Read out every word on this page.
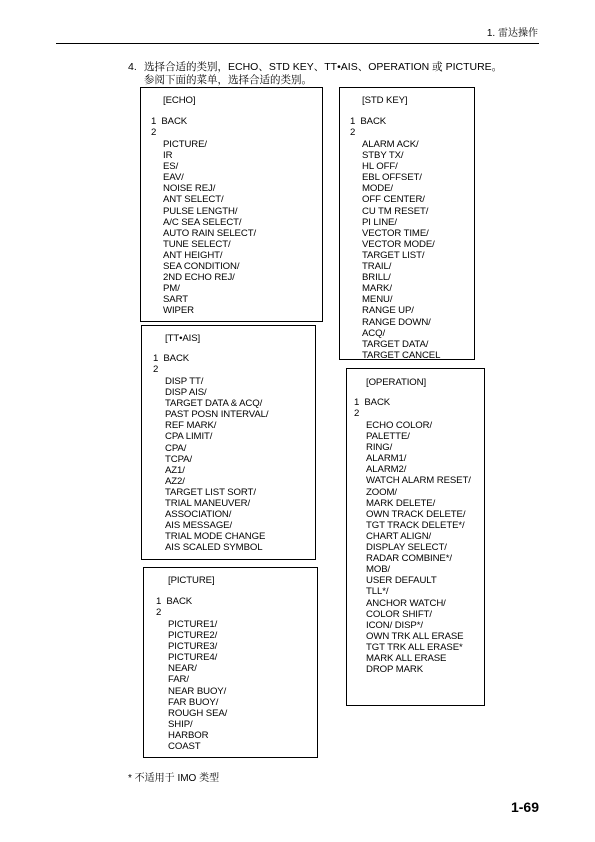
1. 雷达操作
4. 选择合适的类别，ECHO、STD KEY、TT•AIS、OPERATION 或 PICTURE。
参阅下面的菜单，选择合适的类别。
[ECHO]
1  BACK
2
PICTURE/
IR
ES/
EAV/
NOISE REJ/
ANT SELECT/
PULSE LENGTH/
A/C SEA SELECT/
AUTO RAIN SELECT/
TUNE SELECT/
ANT HEIGHT/
SEA CONDITION/
2ND ECHO REJ/
PM/
SART
WIPER
[STD KEY]
1  BACK
2
ALARM ACK/
STBY TX/
HL OFF/
EBL OFFSET/
MODE/
OFF CENTER/
CU TM RESET/
PI LINE/
VECTOR TIME/
VECTOR MODE/
TARGET LIST/
TRAIL/
BRILL/
MARK/
MENU/
RANGE UP/
RANGE DOWN/
ACQ/
TARGET DATA/
TARGET CANCEL
[TT•AIS]
1  BACK
2
DISP TT/
DISP AIS/
TARGET DATA & ACQ/
PAST POSN INTERVAL/
REF MARK/
CPA LIMIT/
CPA/
TCPA/
AZ1/
AZ2/
TARGET LIST SORT/
TRIAL MANEUVER/
ASSOCIATION/
AIS MESSAGE/
TRIAL MODE CHANGE
AIS SCALED SYMBOL
[OPERATION]
1  BACK
2
ECHO COLOR/
PALETTE/
RING/
ALARM1/
ALARM2/
WATCH ALARM RESET/
ZOOM/
MARK DELETE/
OWN TRACK DELETE/
TGT TRACK DELETE*/
CHART ALIGN/
DISPLAY SELECT/
RADAR COMBINE*/
MOB/
USER DEFAULT
TLL*/
ANCHOR WATCH/
COLOR SHIFT/
ICON/ DISP*/
OWN TRK ALL ERASE
TGT TRK ALL ERASE*
MARK ALL ERASE
DROP MARK
[PICTURE]
1  BACK
2
PICTURE1/
PICTURE2/
PICTURE3/
PICTURE4/
NEAR/
FAR/
NEAR BUOY/
FAR BUOY/
ROUGH SEA/
SHIP/
HARBOR
COAST
* 不适用于 IMO 类型
1-69
